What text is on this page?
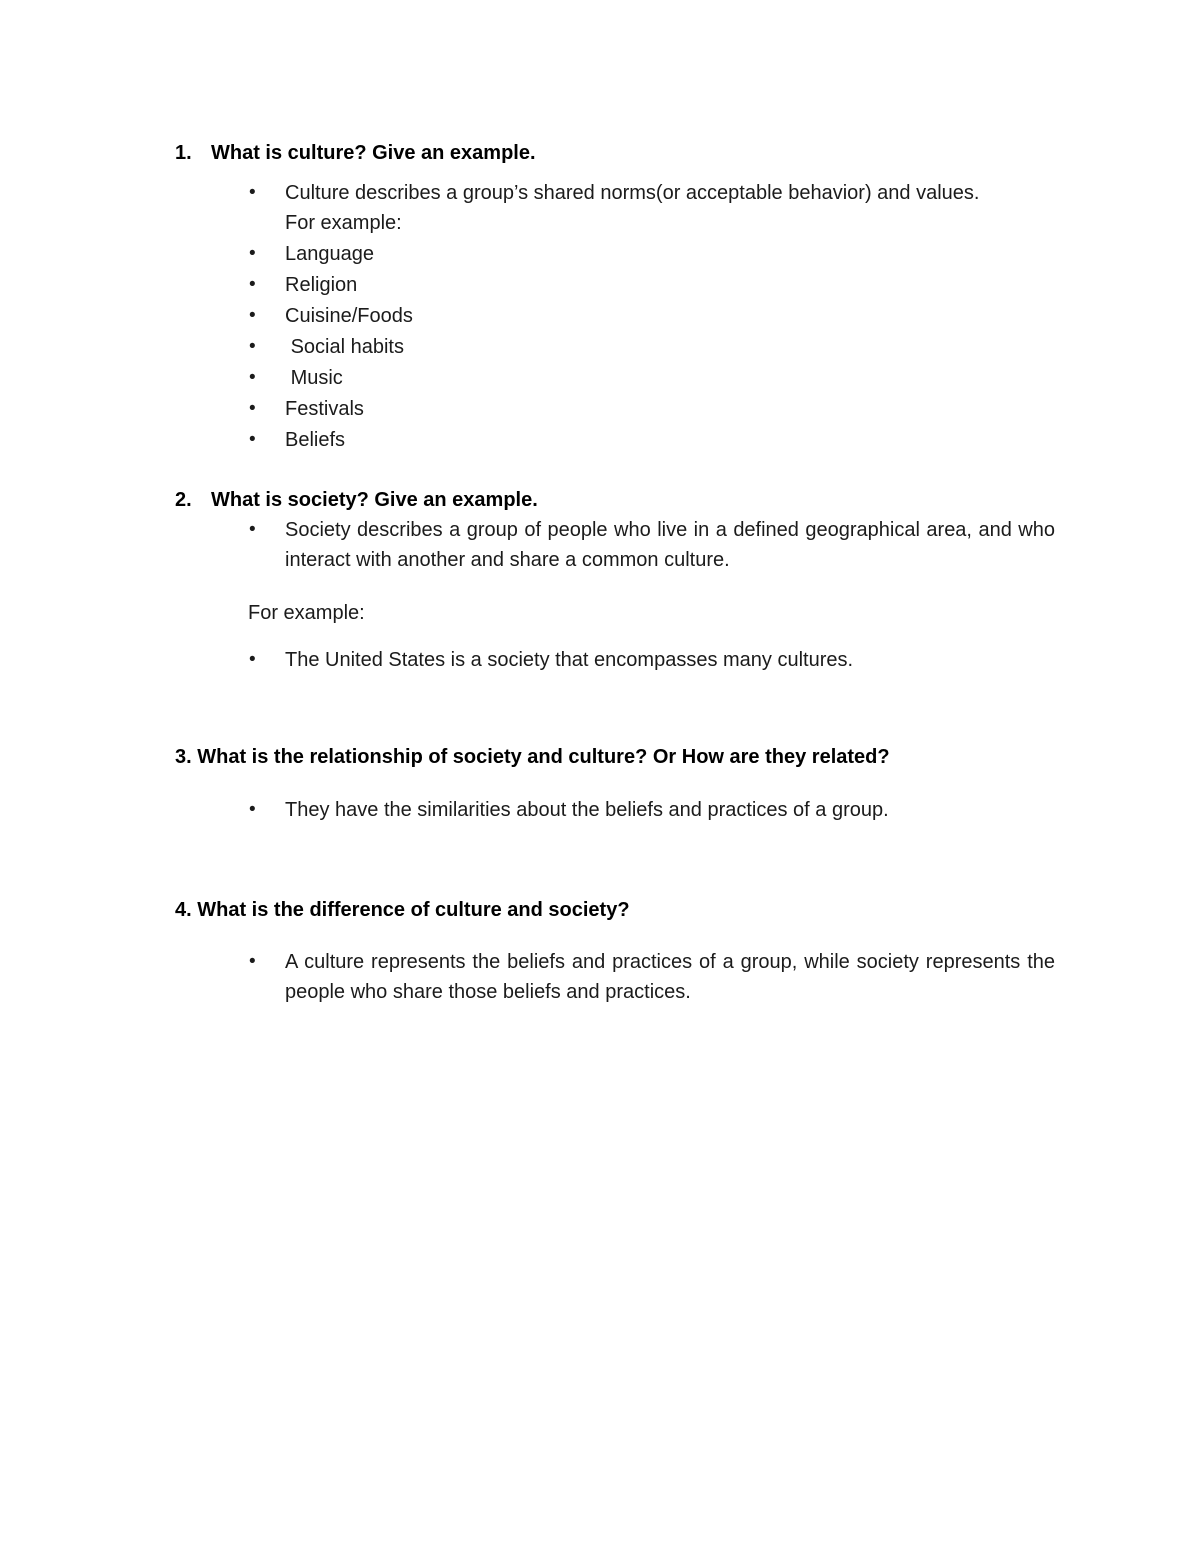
1. What is culture? Give an example.
• Culture describes a group’s shared norms(or acceptable behavior) and values.
For example:
• Language
• Religion
• Cuisine/Foods
•  Social habits
•  Music
• Festivals
• Beliefs
2. What is society? Give an example.
• Society describes a group of people who live in a defined geographical area, and who interact with another and share a common culture.
For example:
• The United States is a society that encompasses many cultures.
3. What is the relationship of society and culture? Or How are they related?
• They have the similarities about the beliefs and practices of a group.
4. What is the difference of culture and society?
• A culture represents the beliefs and practices of a group, while society represents the people who share those beliefs and practices.
